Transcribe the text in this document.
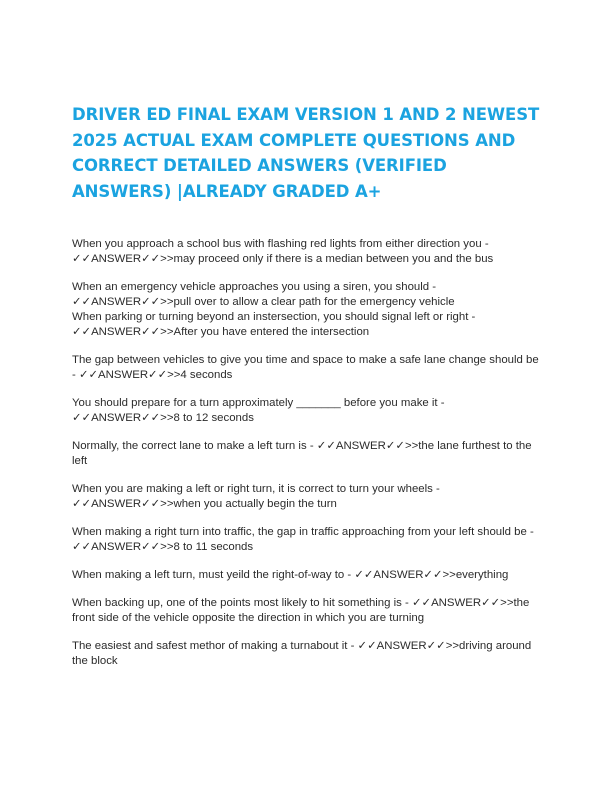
DRIVER ED FINAL EXAM VERSION 1 AND 2 NEWEST 2025 ACTUAL EXAM COMPLETE QUESTIONS AND CORRECT DETAILED ANSWERS (VERIFIED ANSWERS) |ALREADY GRADED A+

When you approach a school bus with flashing red lights from either direction you - ✓✓ANSWER✓✓>>may proceed only if there is a median between you and the bus

When an emergency vehicle approaches you using a siren, you should - ✓✓ANSWER✓✓>>pull over to allow a clear path for the emergency vehicle

When parking or turning beyond an instersection, you should signal left or right - ✓✓ANSWER✓✓>>After you have entered the intersection

The gap between vehicles to give you time and space to make a safe lane change should be - ✓✓ANSWER✓✓>>4 seconds

You should prepare for a turn approximately _______ before you make it - ✓✓ANSWER✓✓>>8 to 12 seconds

Normally, the correct lane to make a left turn is - ✓✓ANSWER✓✓>>the lane furthest to the left

When you are making a left or right turn, it is correct to turn your wheels - ✓✓ANSWER✓✓>>when you actually begin the turn

When making a right turn into traffic, the gap in traffic approaching from your left should be - ✓✓ANSWER✓✓>>8 to 11 seconds

When making a left turn, must yeild the right-of-way to - ✓✓ANSWER✓✓>>everything

When backing up, one of the points most likely to hit something is - ✓✓ANSWER✓✓>>the front side of the vehicle opposite the direction in which you are turning

The easiest and safest methor of making a turnabout it - ✓✓ANSWER✓✓>>driving around the block
